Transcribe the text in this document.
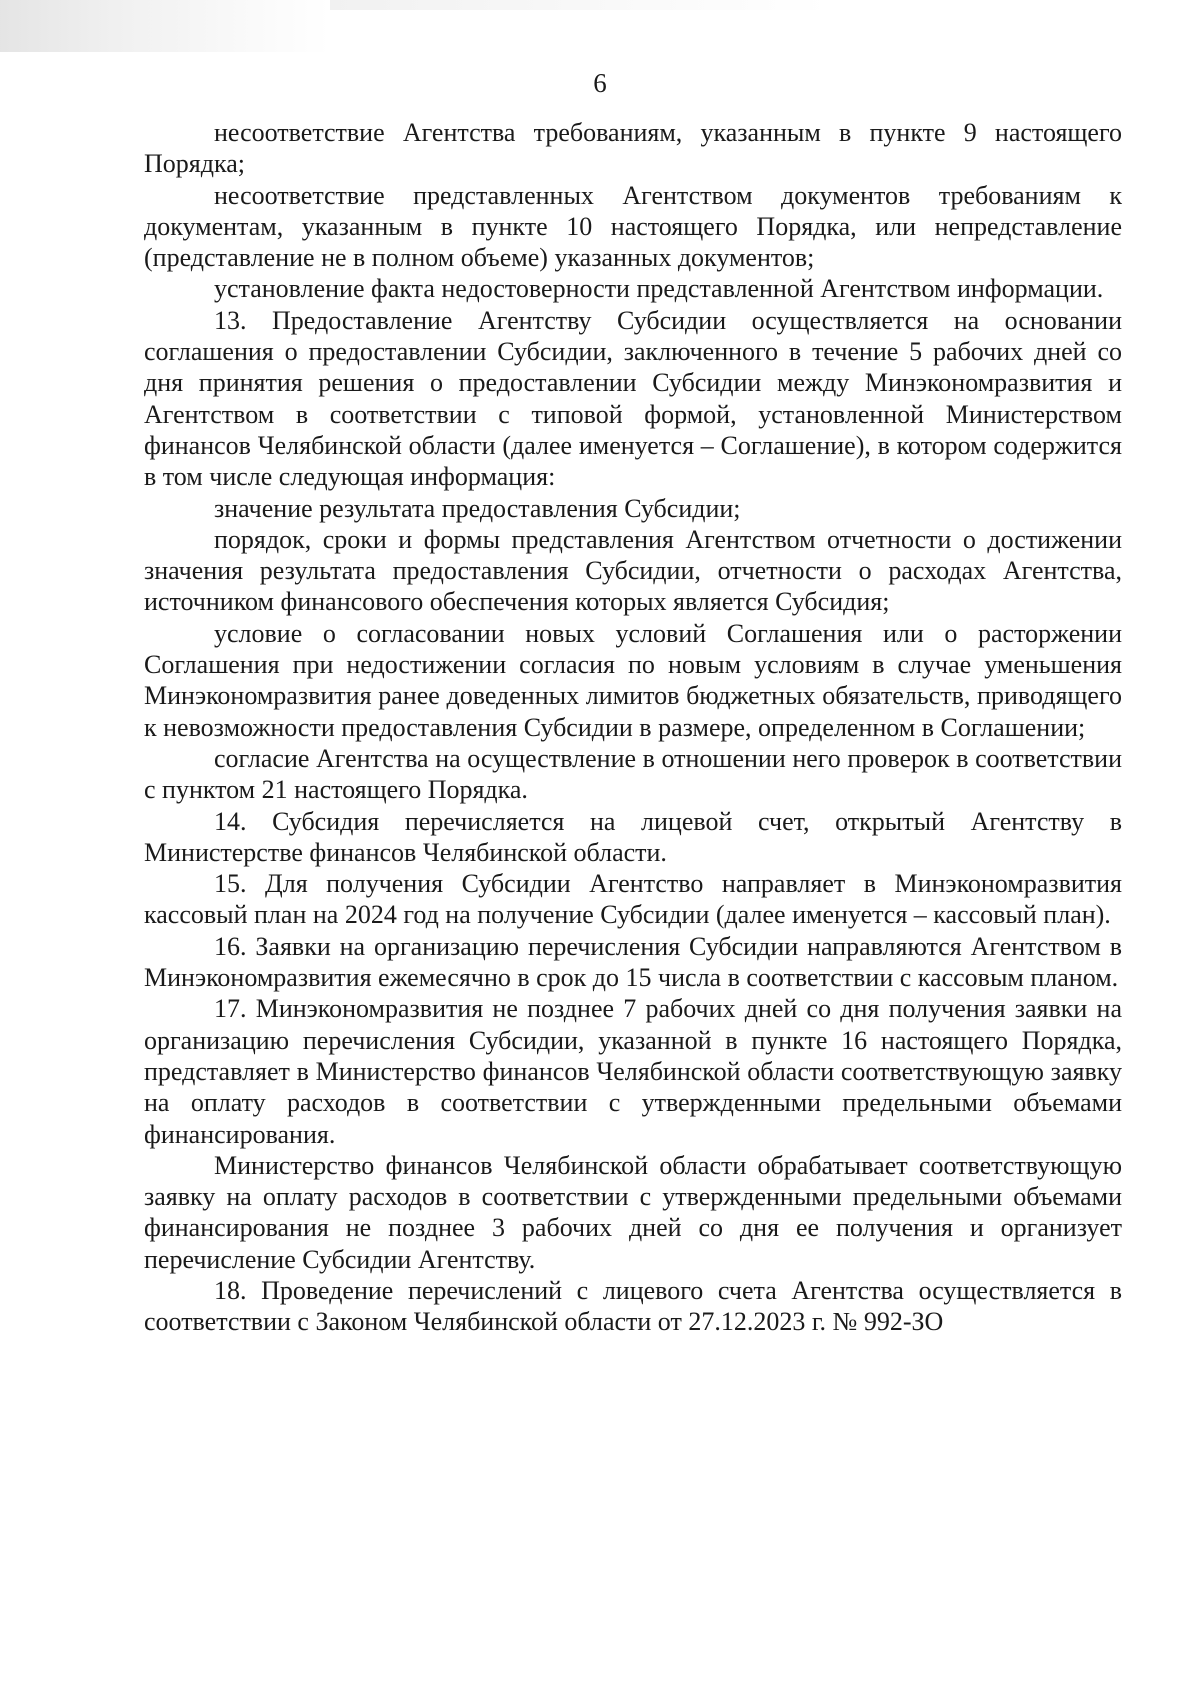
6

несоответствие Агентства требованиям, указанным в пункте 9 настоящего Порядка;

несоответствие представленных Агентством документов требованиям к документам, указанным в пункте 10 настоящего Порядка, или непредставление (представление не в полном объеме) указанных документов;

установление факта недостоверности представленной Агентством информации.

13. Предоставление Агентству Субсидии осуществляется на основании соглашения о предоставлении Субсидии, заключенного в течение 5 рабочих дней со дня принятия решения о предоставлении Субсидии между Минэкономразвития и Агентством в соответствии с типовой формой, установленной Министерством финансов Челябинской области (далее именуется – Соглашение), в котором содержится в том числе следующая информация:

значение результата предоставления Субсидии;

порядок, сроки и формы представления Агентством отчетности о достижении значения результата предоставления Субсидии, отчетности о расходах Агентства, источником финансового обеспечения которых является Субсидия;

условие о согласовании новых условий Соглашения или о расторжении Соглашения при недостижении согласия по новым условиям в случае уменьшения Минэкономразвития ранее доведенных лимитов бюджетных обязательств, приводящего к невозможности предоставления Субсидии в размере, определенном в Соглашении;

согласие Агентства на осуществление в отношении него проверок в соответствии с пунктом 21 настоящего Порядка.

14. Субсидия перечисляется на лицевой счет, открытый Агентству в Министерстве финансов Челябинской области.

15. Для получения Субсидии Агентство направляет в Минэкономразвития кассовый план на 2024 год на получение Субсидии (далее именуется – кассовый план).

16. Заявки на организацию перечисления Субсидии направляются Агентством в Минэкономразвития ежемесячно в срок до 15 числа в соответствии с кассовым планом.

17. Минэкономразвития не позднее 7 рабочих дней со дня получения заявки на организацию перечисления Субсидии, указанной в пункте 16 настоящего Порядка, представляет в Министерство финансов Челябинской области соответствующую заявку на оплату расходов в соответствии с утвержденными предельными объемами финансирования.

Министерство финансов Челябинской области обрабатывает соответствующую заявку на оплату расходов в соответствии с утвержденными предельными объемами финансирования не позднее 3 рабочих дней со дня ее получения и организует перечисление Субсидии Агентству.

18. Проведение перечислений с лицевого счета Агентства осуществляется в соответствии с Законом Челябинской области от 27.12.2023 г. № 992-ЗО
